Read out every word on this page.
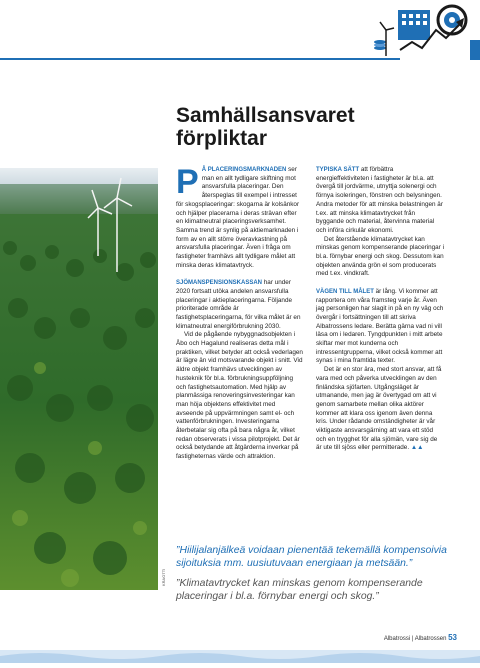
Samhällsansvaret
förpliktar
KRAOTTI

PÅ PLACERINGSMARKNADEN ser man en allt tydligare skiftning mot ansvarsfulla placeringar. Den återspeglas till exempel i intresset för skogsplaceringar: skogarna är kolsänkor och hjälper placerarna i deras strävan efter en klimatneutral placeringsverksamhet. Samma trend är synlig på aktiemarknaden i form av en allt större överavkastning på ansvarsfulla placeringar. Även i fråga om fastigheter framhävs allt tydligare målet att minska deras klimatavtryck.

SJÖMANSPENSIONSKASSAN har under 2020 fortsatt utöka andelen ansvarsfulla placeringar i aktieplaceringarna. Följande prioriterade område är fastighetsplaceringarna, för vilka målet är en klimatneutral energiförbrukning 2030.

Vid de pågående nybyggnadsobjekten i Åbo och Hagalund realiseras detta mål i praktiken, vilket betyder att också vederlagen är lägre än vid motsvarande objekt i snitt. Vid äldre objekt framhävs utvecklingen av husteknik för bl.a. förbrukningsuppföljning och fastighetsautomation. Med hjälp av planmässiga renoveringsinvesteringar kan man höja objektens effektivitet med avseende på uppvärmningen samt el- och vattenförbrukningen. Investeringarna återbetalar sig ofta på bara några år, vilket redan observerats i vissa pilotprojekt. Det är också betydande att åtgärderna inverkar på fastigheternas värde och attraktion.

TYPISKA SÄTT att förbättra energieffektiviteten i fastigheter är bl.a. att övergå till jordvärme, utnyttja solenergi och förnya isoleringen, fönstren och belysningen. Andra metoder för att minska belastningen är t.ex. att minska klimatavtrycket från byggande och material, återvinna material och införa cirkulär ekonomi.

Det återstående klimatavtrycket kan minskas genom kompenserande placeringar i bl.a. förnybar energi och skog. Dessutom kan objekten använda grön el som producerats med t.ex. vindkraft.

VÄGEN TILL MÅLET är lång. Vi kommer att rapportera om våra framsteg varje år. Även jag personligen har slagit in på en ny väg och övergår i fortsättningen till att skriva Albatrossens ledare. Berätta gärna vad ni vill läsa om i ledaren. Tyngdpunkten i mitt arbete skiftar mer mot kunderna och intressentgrupperna, vilket också kommer att synas i mina framtida texter.

Det är en stor ära, med stort ansvar, att få vara med och påverka utvecklingen av den finländska sjöfarten. Utgångsläget är utmanande, men jag är övertygad om att vi genom samarbete mellan olika aktörer kommer att klara oss igenom även denna kris. Under rådande omständigheter är vår viktigaste ansvarsgärning att vara ett stöd och en trygghet för alla sjömän, vare sig de är ute till sjöss eller permitterade. ▲▲

”Hiilijalanjälkeä voidaan pienentää tekemällä kompensoivia sijoituksia mm. uusiutuvaan energiaan ja metsään.”
”Klimatavtrycket kan minskas genom kompenserande placeringar i bl.a. förnybar energi och skog.”
Albatrossi | Albatrossen 53
